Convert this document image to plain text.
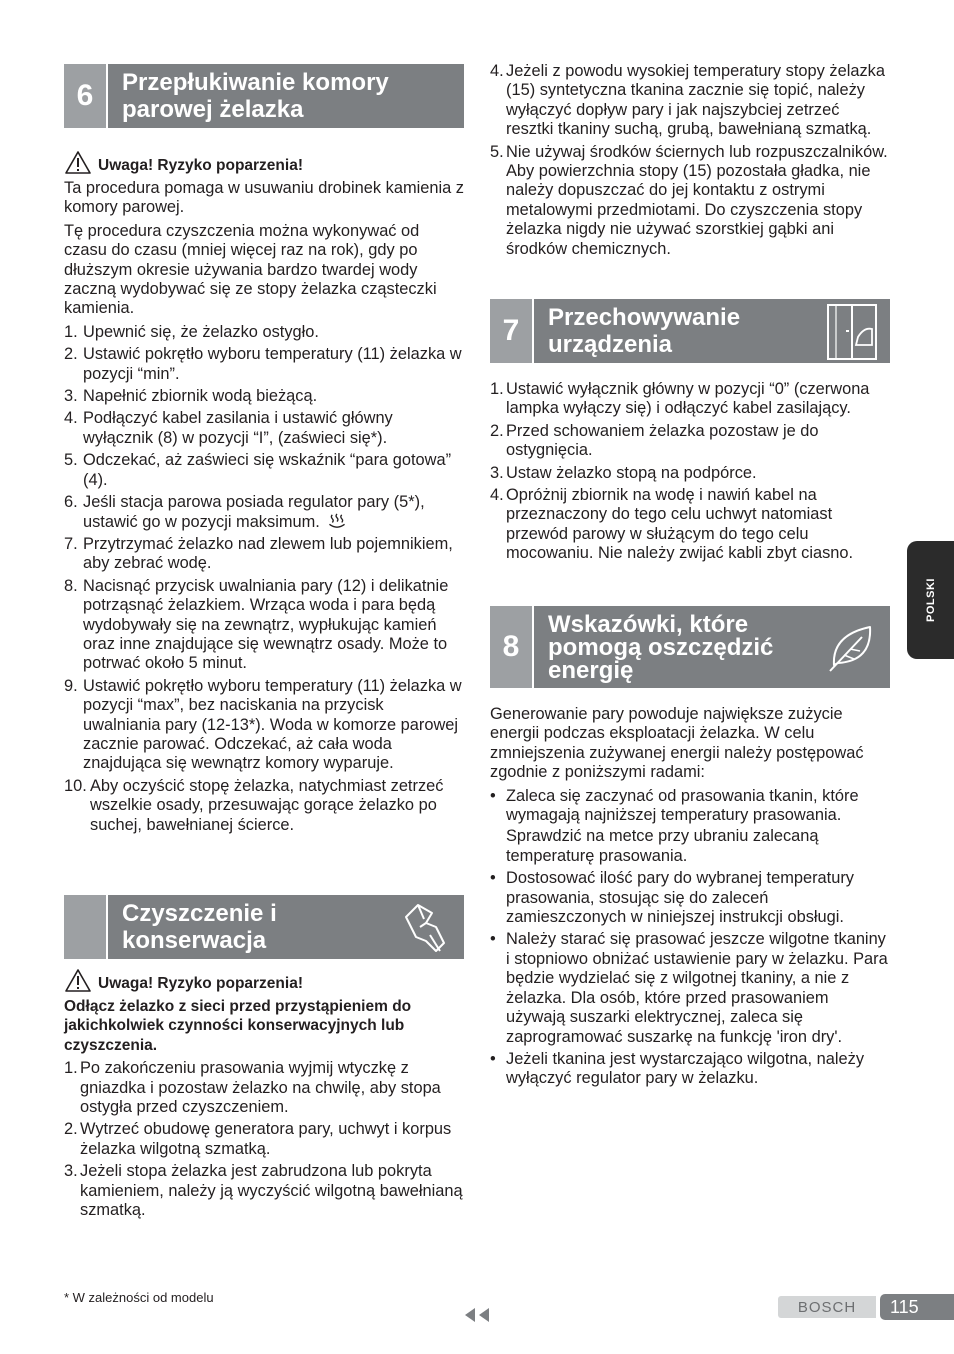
6	Przepłukiwanie komory parowej żelazka

Uwaga! Ryzyko poparzenia!

Ta procedura pomaga w usuwaniu drobinek kamienia z komory parowej.

Tę procedura czyszczenia można wykonywać od czasu do czasu (mniej więcej raz na rok), gdy po dłuższym okresie używania bardzo twardej wody zaczną wydobywać się ze stopy żelazka cząsteczki kamienia.

1. Upewnić się, że żelazko ostygło.
2. Ustawić pokrętło wyboru temperatury (11) żelazka w pozycji “min”.
3. Napełnić zbiornik wodą bieżącą.
4. Podłączyć kabel zasilania i ustawić główny wyłącznik (8) w pozycji “I”, (zaświeci się*).
5. Odczekać, aż zaświeci się wskaźnik “para gotowa” (4).
6. Jeśli stacja parowa posiada regulator pary (5*), ustawić go w pozycji maksimum.
7. Przytrzymać żelazko nad zlewem lub pojemnikiem, aby zebrać wodę.
8. Nacisnąć przycisk uwalniania pary (12) i delikatnie potrząsnąć żelazkiem. Wrząca woda i para będą wydobywały się na zewnątrz, wypłukując kamień oraz inne znajdujące się wewnątrz osady. Może to potrwać około 5 minut.
9. Ustawić pokrętło wyboru temperatury (11) żelazka w pozycji “max”, bez naciskania na przycisk uwalniania pary (12-13*). Woda w komorze parowej zacznie parować. Odczekać, aż cała woda znajdująca się wewnątrz komory wyparuje.
10. Aby oczyścić stopę żelazka, natychmiast zetrzeć wszelkie osady, przesuwając gorące żelazko po suchej, bawełnianej ścierce.
Czyszczenie i konserwacja

Uwaga! Ryzyko poparzenia!

Odłącz żelazko z sieci przed przystąpieniem do jakichkolwiek czynności konserwacyjnych lub czyszczenia.

1. Po zakończeniu prasowania wyjmij wtyczkę z gniazdka i pozostaw żelazko na chwilę, aby stopa ostygła przed czyszczeniem.
2. Wytrzeć obudowę generatora pary, uchwyt i korpus żelazka wilgotną szmatką.
3. Jeżeli stopa żelazka jest zabrudzona lub pokryta kamieniem, należy ją wyczyścić wilgotną bawełnianą szmatką.
4. Jeżeli z powodu wysokiej temperatury stopy żelazka (15) syntetyczna tkanina zacznie się topić, należy wyłączyć dopływ pary i jak najszybciej zetrzeć resztki tkaniny suchą, grubą, bawełnianą szmatką.
5. Nie używaj środków ściernych lub rozpuszczalników. Aby powierzchnia stopy (15) pozostała gładka, nie należy dopuszczać do jej kontaktu z ostrymi metalowymi przedmiotami. Do czyszczenia stopy żelazka nigdy nie używać szorstkiej gąbki ani środków chemicznych.
7	Przechowywanie urządzenia
1. Ustawić wyłącznik główny w pozycji “0” (czerwona lampka wyłączy się) i odłączyć kabel zasilający.
2. Przed schowaniem żelazka pozostaw je do ostygnięcia.
3. Ustaw żelazko stopą na podpórce.
4. Opróżnij zbiornik na wodę i nawiń kabel na przeznaczony do tego celu uchwyt natomiast przewód parowy w służącym do tego celu mocowaniu. Nie należy zwijać kabli zbyt ciasno.
8
Wskazówki, które pomogą oszczędzić energię

Generowanie pary powoduje największe zużycie energii podczas eksploatacji żelazka. W celu zmniejszenia zużywanej energii należy postępować zgodnie z poniższymi radami:

• Zaleca się zaczynać od prasowania tkanin, które wymagają najniższej temperatury prasowania.
Sprawdzić na metce przy ubraniu zalecaną temperaturę prasowania.
• Dostosować ilość pary do wybranej temperatury prasowania, stosując się do zaleceń zamieszczonych w niniejszej instrukcji obsługi.
• Należy starać się prasować jeszcze wilgotne tkaniny i stopniowo obniżać ustawienie pary w żelazku. Para będzie wydzielać się z wilgotnej tkaniny, a nie z żelazka. Dla osób, które przed prasowaniem używają suszarki elektrycznej, zaleca się zaprogramować suszarkę na funkcję 'iron dry'.
• Jeżeli tkanina jest wystarczająco wilgotna, należy wyłączyć regulator pary w żelazku.
POLSKI
* W zależności od modelu
BOSCH	115
